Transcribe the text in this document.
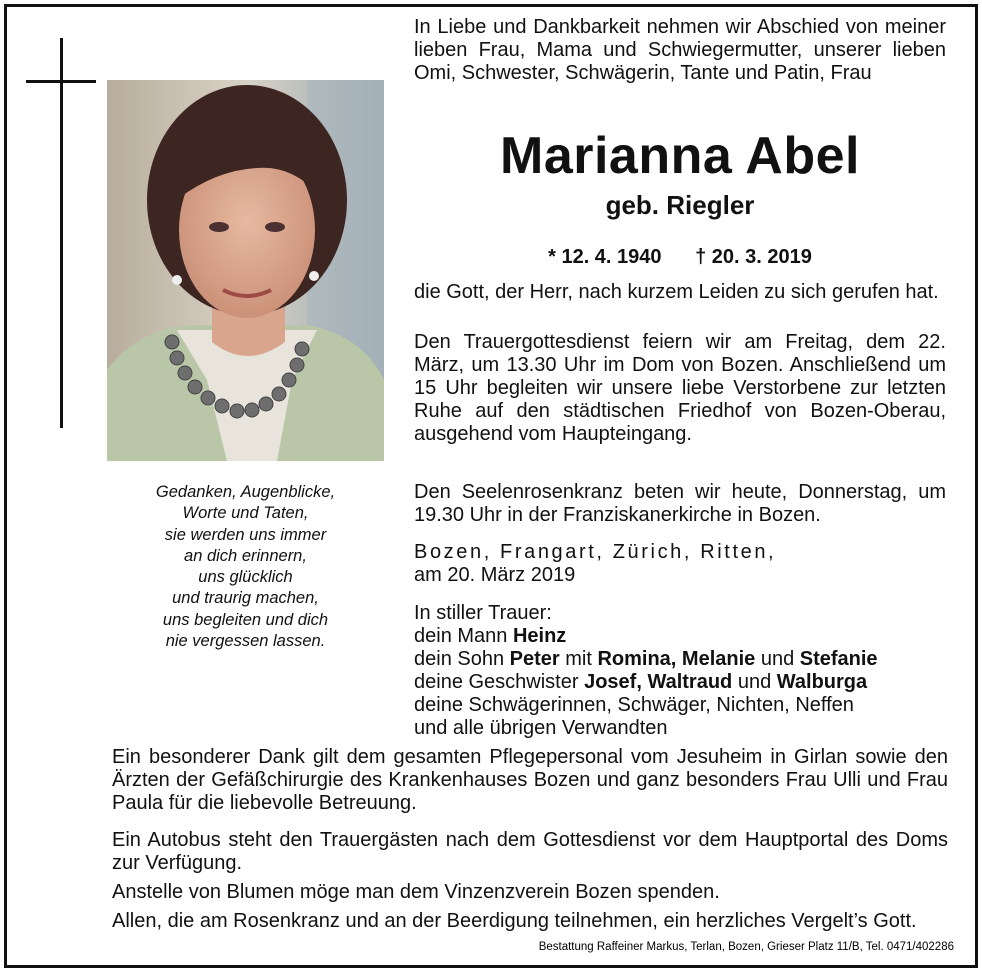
Gedanken, Augenblicke,
Worte und Taten,
sie werden uns immer
an dich erinnern,
uns glücklich
und traurig machen,
uns begleiten und dich
nie vergessen lassen.
In Liebe und Dankbarkeit nehmen wir Abschied von meiner lieben Frau, Mama und Schwiegermutter, unserer lieben Omi, Schwester, Schwägerin, Tante und Patin, Frau
Marianna Abel
geb. Riegler
* 12. 4. 1940 † 20. 3. 2019
die Gott, der Herr, nach kurzem Leiden zu sich gerufen hat.
Den Trauergottesdienst feiern wir am Freitag, dem 22. März, um 13.30 Uhr im Dom von Bozen. Anschließend um 15 Uhr begleiten wir unsere liebe Verstorbene zur letzten Ruhe auf den städtischen Friedhof von Bozen-Oberau, ausgehend vom Haupteingang.
Den Seelenrosenkranz beten wir heute, Donnerstag, um 19.30 Uhr in der Franziskanerkirche in Bozen.
Bozen, Frangart, Zürich, Ritten,
am 20. März 2019
In stiller Trauer:
dein Mann Heinz
dein Sohn Peter mit Romina, Melanie und Stefanie
deine Geschwister Josef, Waltraud und Walburga
deine Schwägerinnen, Schwäger, Nichten, Neffen
und alle übrigen Verwandten
Ein besonderer Dank gilt dem gesamten Pflegepersonal vom Jesuheim in Girlan sowie den Ärzten der Gefäßchirurgie des Krankenhauses Bozen und ganz besonders Frau Ulli und Frau Paula für die liebevolle Betreuung.
Ein Autobus steht den Trauergästen nach dem Gottesdienst vor dem Hauptportal des Doms zur Verfügung.
Anstelle von Blumen möge man dem Vinzenzverein Bozen spenden.
Allen, die am Rosenkranz und an der Beerdigung teilnehmen, ein herzliches Vergelt’s Gott.
Bestattung Raffeiner Markus, Terlan, Bozen, Grieser Platz 11/B, Tel. 0471/402286
